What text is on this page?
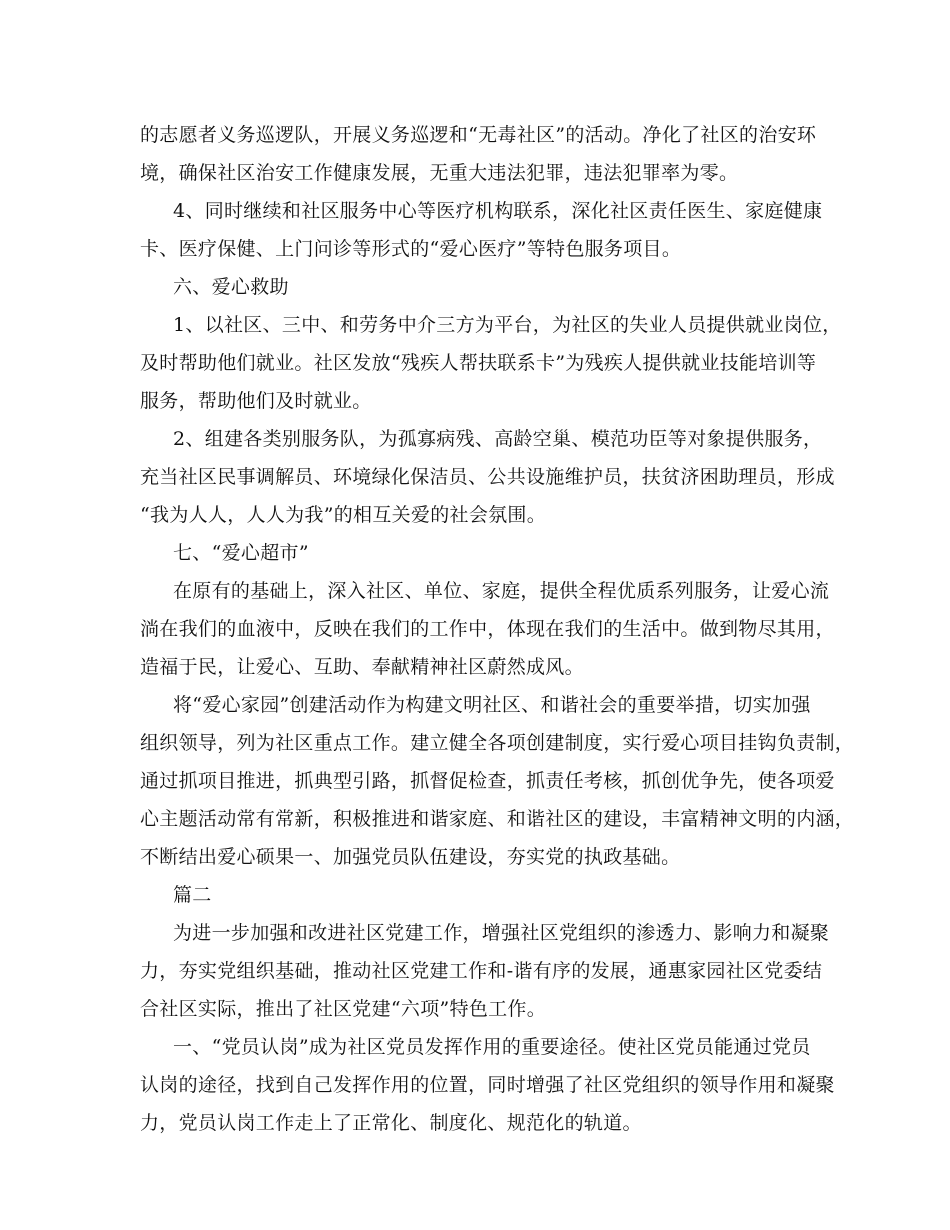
的志愿者义务巡逻队，开展义务巡逻和“无毒社区”的活动。净化了社区的治安环
境，确保社区治安工作健康发展，无重大违法犯罪，违法犯罪率为零。
4、同时继续和社区服务中心等医疗机构联系，深化社区责任医生、家庭健康
卡、医疗保健、上门问诊等形式的“爱心医疗”等特色服务项目。
六、爱心救助
1、以社区、三中、和劳务中介三方为平台，为社区的失业人员提供就业岗位，
及时帮助他们就业。社区发放“残疾人帮扶联系卡”为残疾人提供就业技能培训等
服务，帮助他们及时就业。
2、组建各类别服务队，为孤寡病残、高龄空巢、模范功臣等对象提供服务，
充当社区民事调解员、环境绿化保洁员、公共设施维护员，扶贫济困助理员，形成
“我为人人，人人为我”的相互关爱的社会氛围。
七、“爱心超市”
在原有的基础上，深入社区、单位、家庭，提供全程优质系列服务，让爱心流
淌在我们的血液中，反映在我们的工作中，体现在我们的生活中。做到物尽其用，
造福于民，让爱心、互助、奉献精神社区蔚然成风。
将“爱心家园”创建活动作为构建文明社区、和谐社会的重要举措，切实加强
组织领导，列为社区重点工作。建立健全各项创建制度，实行爱心项目挂钩负责制，
通过抓项目推进，抓典型引路，抓督促检查，抓责任考核，抓创优争先，使各项爱
心主题活动常有常新，积极推进和谐家庭、和谐社区的建设，丰富精神文明的内涵，
不断结出爱心硕果一、加强党员队伍建设，夯实党的执政基础。
篇二
为进一步加强和改进社区党建工作，增强社区党组织的渗透力、影响力和凝聚
力，夯实党组织基础，推动社区党建工作和-谐有序的发展，通惠家园社区党委结
合社区实际，推出了社区党建“六项”特色工作。
一、“党员认岗”成为社区党员发挥作用的重要途径。使社区党员能通过党员
认岗的途径，找到自己发挥作用的位置，同时增强了社区党组织的领导作用和凝聚
力，党员认岗工作走上了正常化、制度化、规范化的轨道。
